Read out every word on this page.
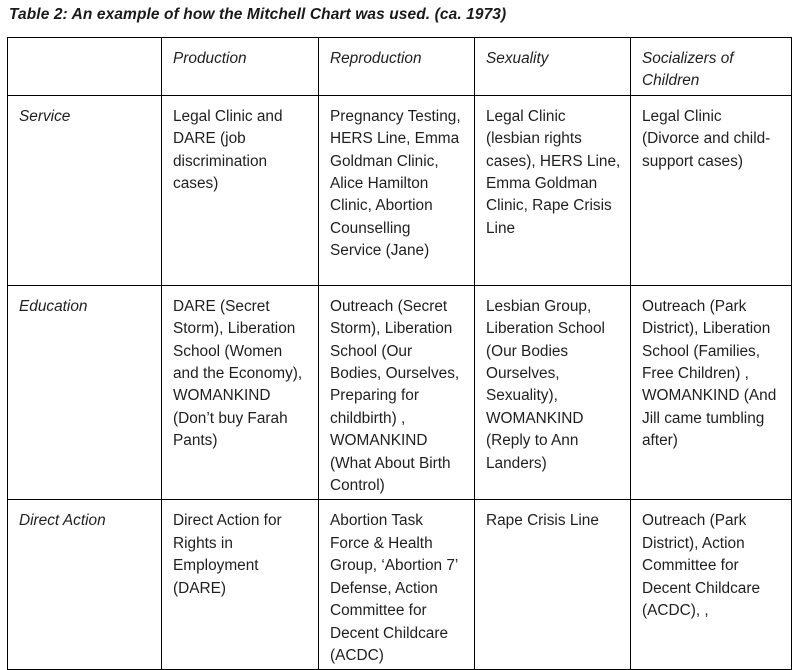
Table 2: An example of how the Mitchell Chart was used. (ca. 1973)
	Production	Reproduction	Sexuality	Socializers of Children
Service	Legal Clinic and DARE (job discrimination cases)	Pregnancy Testing, HERS Line, Emma Goldman Clinic, Alice Hamilton Clinic, Abortion Counselling Service (Jane)	Legal Clinic (lesbian rights cases), HERS Line, Emma Goldman Clinic, Rape Crisis Line	Legal Clinic (Divorce and child-support cases)
Education	DARE (Secret Storm), Liberation School (Women and the Economy), WOMANKIND (Don’t buy Farah Pants)	Outreach (Secret Storm), Liberation School (Our Bodies, Ourselves, Preparing for childbirth) , WOMANKIND (What About Birth Control)	Lesbian Group, Liberation School (Our Bodies Ourselves, Sexuality), WOMANKIND (Reply to Ann Landers)	Outreach (Park District), Liberation School (Families, Free Children) , WOMANKIND (And Jill came tumbling after)
Direct Action	Direct Action for Rights in Employment (DARE)	Abortion Task Force & Health Group, ‘Abortion 7’ Defense, Action Committee for Decent Childcare (ACDC)	Rape Crisis Line	Outreach (Park District), Action Committee for Decent Childcare (ACDC), ,
